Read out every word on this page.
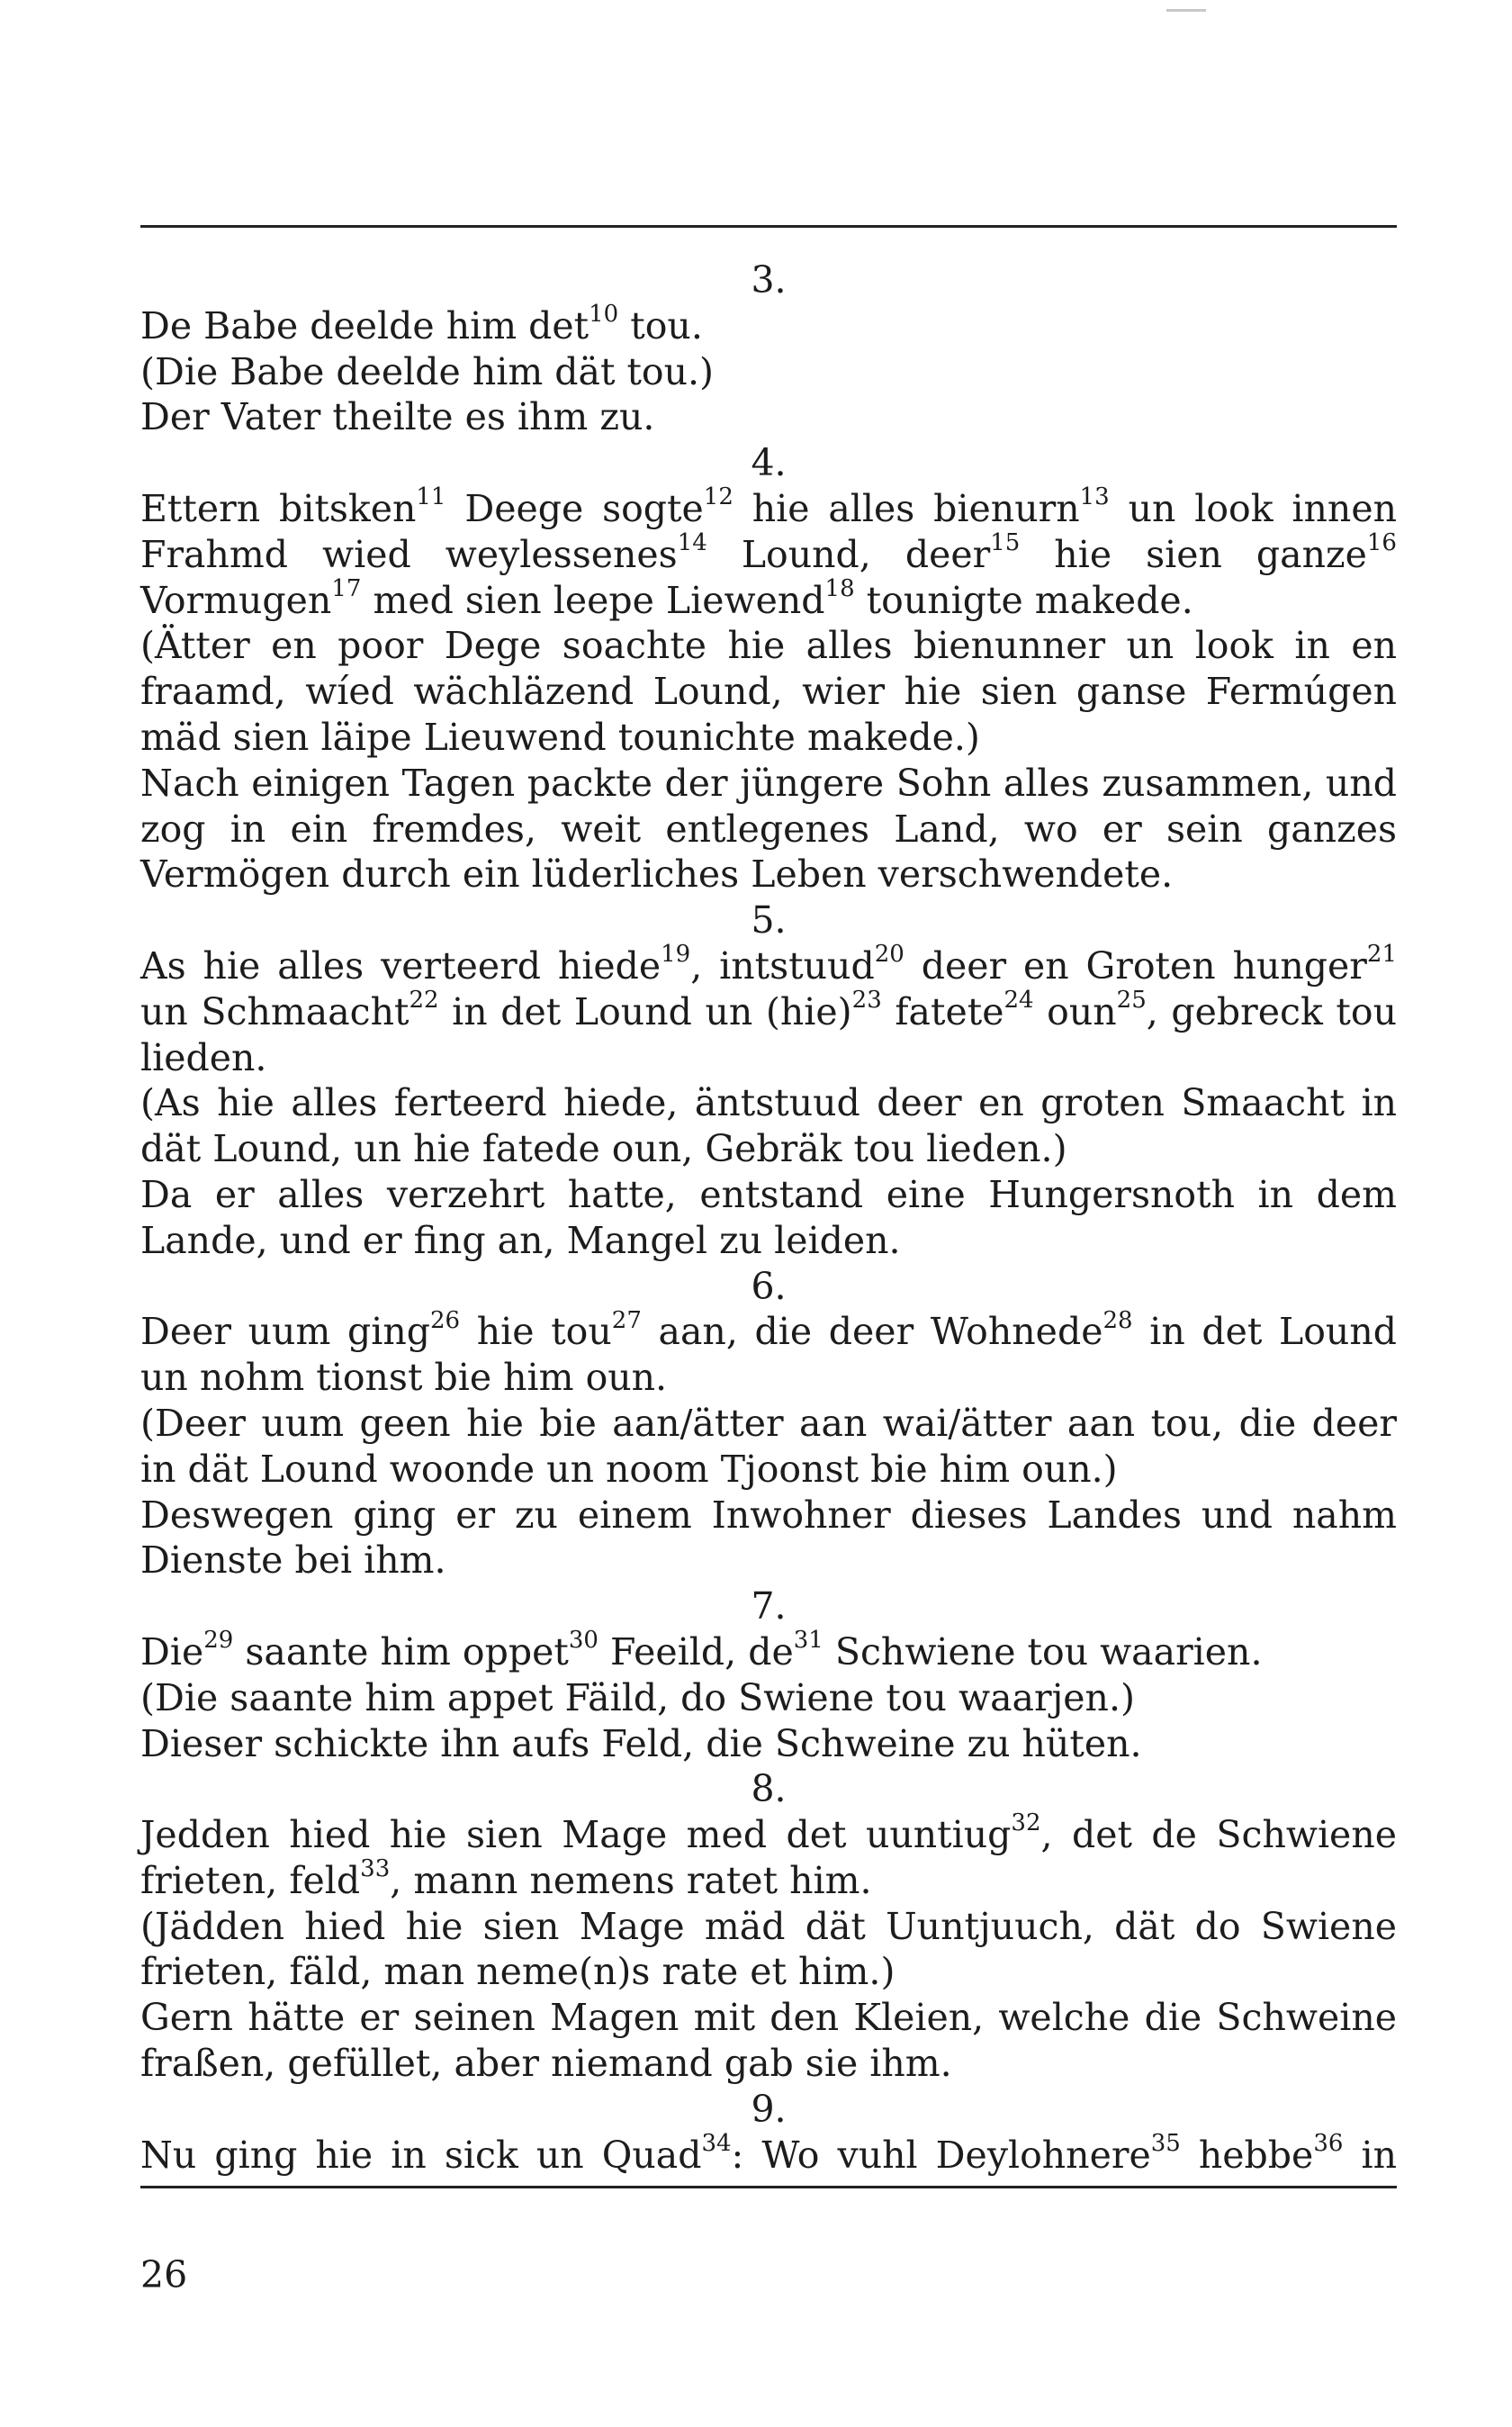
3.

De Babe deelde him $\det^{10}$ tou.

(Die Babe deelde him dät tou.)

Der Vater theilte es ihm zu.

4.

Ettern bitsken$^{11}$ Deege sogte$^{12}$ hie alles bienurn$^{13}$ un look innen Frahmd wied weylessenes$^{14}$ Lound, deer$^{15}$ hie sien ganze$^{16}$ Vormugen$^{17}$ med sien leepe Liewend$^{18}$ tounigte makede.

(Ätter en poor Dege soachte hie alles bienunner un look in en fraamd, wíed wächläzend Lound, wier hie sien ganse Fermúgen mäd sien läipe Lieuwend tounichte makede.)

Nach einigen Tagen packte der jüngere Sohn alles zusammen, und zog in ein fremdes, weit entlegenes Land, wo er sein ganzes Vermögen durch ein lüderliches Leben verschwendete.

5.

As hie alles verteerd hiede$^{19}$, intstuud$^{20}$ deer en Groten hunger$^{21}$ un Schmaacht$^{22}$ in det Lound un (hie)$^{23}$ fatete$^{24}$ oun$^{25}$, gebreck tou lieden.

(As hie alles ferteerd hiede, äntstuud deer en groten Smaacht in dät Lound, un hie fatede oun, Gebräk tou lieden.)

Da er alles verzehrt hatte, entstand eine Hungersnoth in dem Lande, und er fing an, Mangel zu leiden.

6.

Deer uum ging$^{26}$ hie tou$^{27}$ aan, die deer Wohnede$^{28}$ in det Lound un nohm tionst bie him oun.

(Deer uum geen hie bie aan/ätter aan wai/ätter aan tou, die deer in dät Lound woonde un noom Tjoonst bie him oun.)

Deswegen ging er zu einem Inwohner dieses Landes und nahm Dienste bei ihm.

7.

Die$^{29}$ saante him oppet$^{30}$ Feeild, $de^{31}$ Schwiene tou waarien.

(Die saante him appet Fäild, do Swiene tou waarjen.)

Dieser schickte ihn aufs Feld, die Schweine zu hüten.

8.

Jedden hied hie sien Mage med det uuntiug$^{32}$, det de Schwiene frieten, feld$^{33}$, mann nemens ratet him.

(Jädden hied hie sien Mage mäd dät Uuntjuuch, dät do Swiene frieten, fäld, man neme(n)s rate et him.)

Gern hätte er seinen Magen mit den Kleien, welche die Schweine fraßen, gefüllet, aber niemand gab sie ihm.

9.

Nu ging hie in sick un Quad$^{34}$: Wo vuhl Deylohnere$^{35}$ hebbe$^{36}$ in

26
